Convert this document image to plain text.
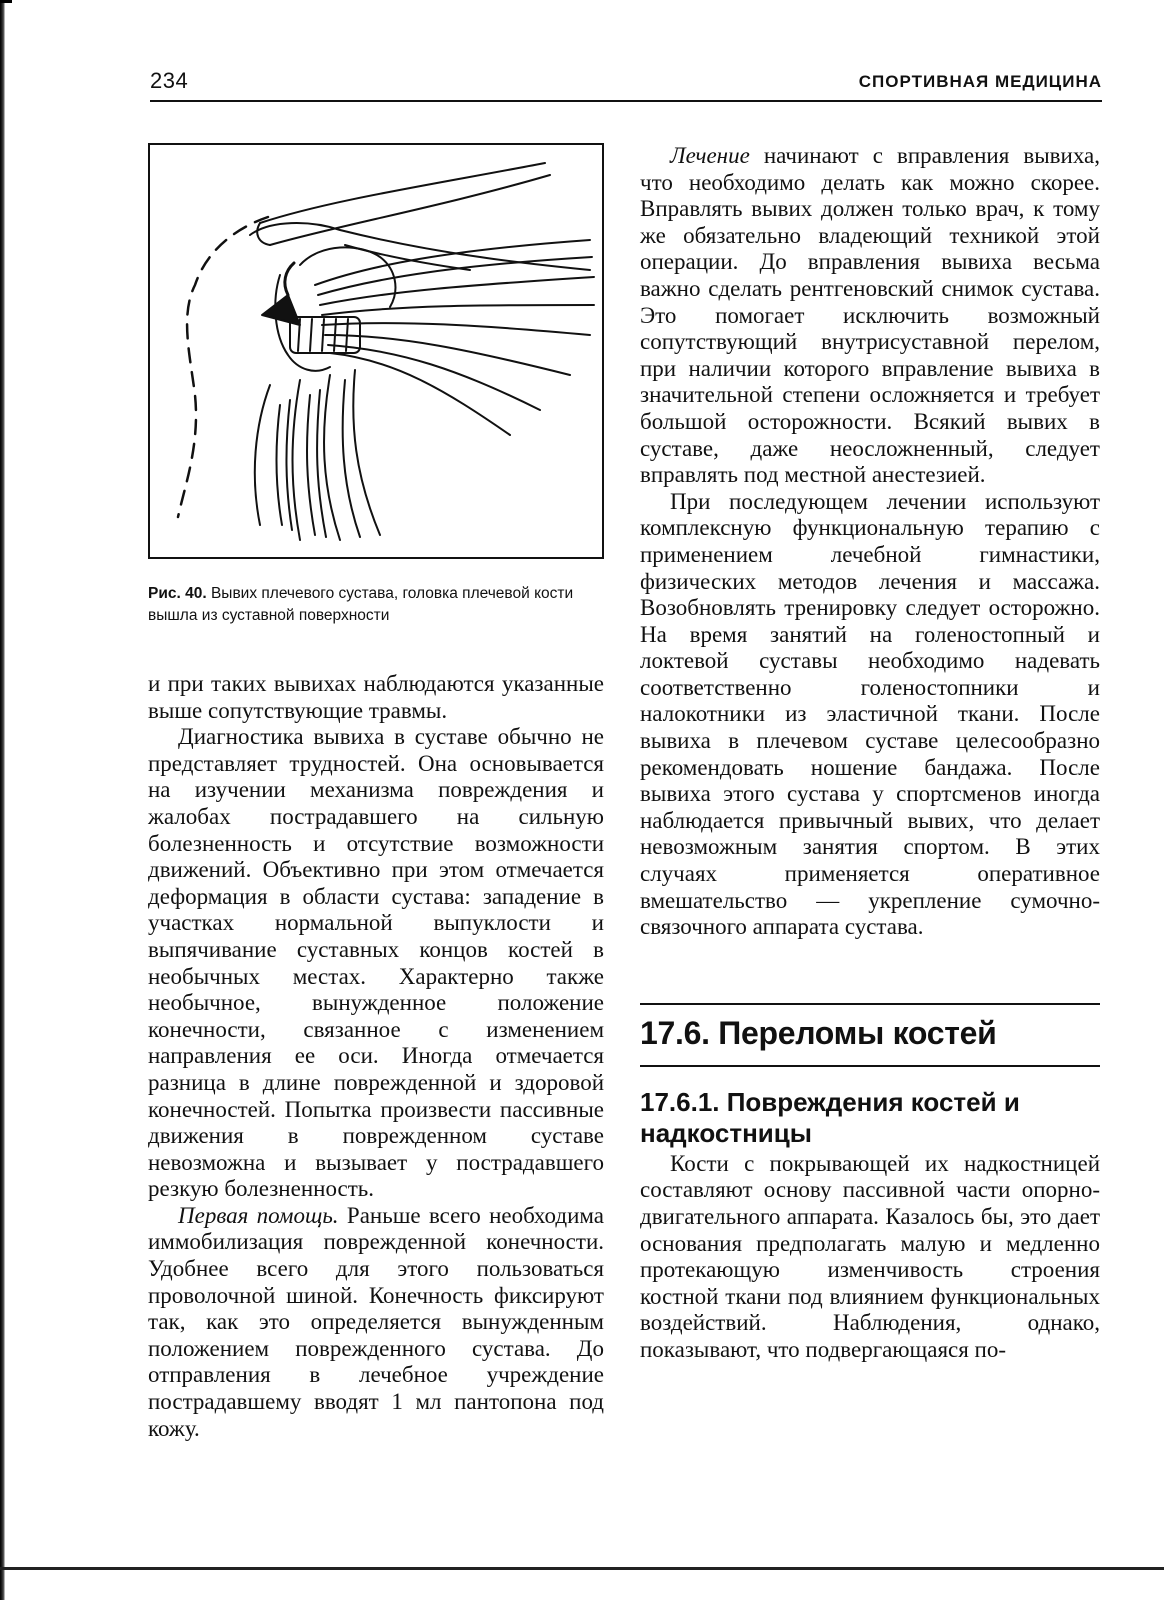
234	СПОРТИВНАЯ МЕДИЦИНА
Рис. 40. Вывих плечевого сустава, головка плечевой кости вышла из суставной поверхности

и при таких вывихах наблюдаются указанные выше сопутствующие травмы.

Диагностика вывиха в суставе обычно не представляет трудностей. Она основывается на изучении механизма повреждения и жалобах пострадавшего на сильную болезненность и отсутствие возможности движений. Объективно при этом отмечается деформация в области сустава: западение в участках нормальной выпуклости и выпячивание суставных концов костей в необычных местах. Характерно также необычное, вынужденное положение конечности, связанное с изменением направления ее оси. Иногда отмечается разница в длине поврежденной и здоровой конечностей. Попытка произвести пассивные движения в поврежденном суставе невозможна и вызывает у пострадавшего резкую болезненность.

Первая помощь. Раньше всего необходима иммобилизация поврежденной конечности. Удобнее всего для этого пользоваться проволочной шиной. Конечность фиксируют так, как это определяется вынужденным положением поврежденного сустава. До отправления в лечебное учреждение пострадавшему вводят 1 мл пантопона под кожу.

Лечение начинают с вправления вывиха, что необходимо делать как можно скорее. Вправлять вывих должен только врач, к тому же обязательно владеющий техникой этой операции. До вправления вывиха весьма важно сделать рентгеновский снимок сустава. Это помогает исключить возможный сопутствующий внутрисуставной перелом, при наличии которого вправление вывиха в значительной степени осложняется и требует большой осторожности. Всякий вывих в суставе, даже неосложненный, следует вправлять под местной анестезией.

При последующем лечении используют комплексную функциональную терапию с применением лечебной гимнастики, физических методов лечения и массажа. Возобновлять тренировку следует осторожно. На время занятий на голеностопный и локтевой суставы необходимо надевать соответственно голеностопники и налокотники из эластичной ткани. После вывиха в плечевом суставе целесообразно рекомендовать ношение бандажа. После вывиха этого сустава у спортсменов иногда наблюдается привычный вывих, что делает невозможным занятия спортом. В этих случаях применяется оперативное вмешательство — укрепление сумочно-связочного аппарата сустава.

17.6. Переломы костей
17.6.1. Повреждения костей и надкостницы

Кости с покрывающей их надкостницей составляют основу пассивной части опорно-двигательного аппарата. Казалось бы, это дает основания предполагать малую и медленно протекающую изменчивость строения костной ткани под влиянием функциональных воздействий. Наблюдения, однако, показывают, что подвергающаяся по-
